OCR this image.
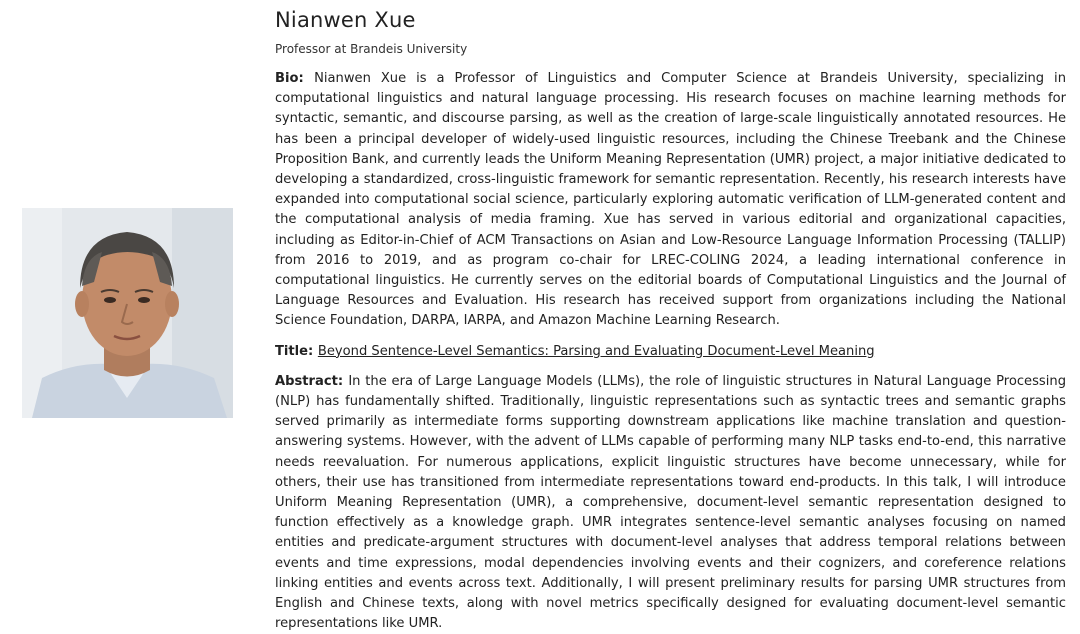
Nianwen Xue
Professor at Brandeis University

Bio: Nianwen Xue is a Professor of Linguistics and Computer Science at Brandeis University, specializing in computational linguistics and natural language processing. His research focuses on machine learning methods for syntactic, semantic, and discourse parsing, as well as the creation of large-scale linguistically annotated resources. He has been a principal developer of widely-used linguistic resources, including the Chinese Treebank and the Chinese Proposition Bank, and currently leads the Uniform Meaning Representation (UMR) project, a major initiative dedicated to developing a standardized, cross-linguistic framework for semantic representation. Recently, his research interests have expanded into computational social science, particularly exploring automatic verification of LLM-generated content and the computational analysis of media framing. Xue has served in various editorial and organizational capacities, including as Editor-in-Chief of ACM Transactions on Asian and Low-Resource Language Information Processing (TALLIP) from 2016 to 2019, and as program co-chair for LREC-COLING 2024, a leading international conference in computational linguistics. He currently serves on the editorial boards of Computational Linguistics and the Journal of Language Resources and Evaluation. His research has received support from organizations including the National Science Foundation, DARPA, IARPA, and Amazon Machine Learning Research.

Title: Beyond Sentence-Level Semantics: Parsing and Evaluating Document-Level Meaning

Abstract: In the era of Large Language Models (LLMs), the role of linguistic structures in Natural Language Processing (NLP) has fundamentally shifted. Traditionally, linguistic representations such as syntactic trees and semantic graphs served primarily as intermediate forms supporting downstream applications like machine translation and question-answering systems. However, with the advent of LLMs capable of performing many NLP tasks end-to-end, this narrative needs reevaluation. For numerous applications, explicit linguistic structures have become unnecessary, while for others, their use has transitioned from intermediate representations toward end-products. In this talk, I will introduce Uniform Meaning Representation (UMR), a comprehensive, document-level semantic representation designed to function effectively as a knowledge graph. UMR integrates sentence-level semantic analyses focusing on named entities and predicate-argument structures with document-level analyses that address temporal relations between events and time expressions, modal dependencies involving events and their cognizers, and coreference relations linking entities and events across text. Additionally, I will present preliminary results for parsing UMR structures from English and Chinese texts, along with novel metrics specifically designed for evaluating document-level semantic representations like UMR.
